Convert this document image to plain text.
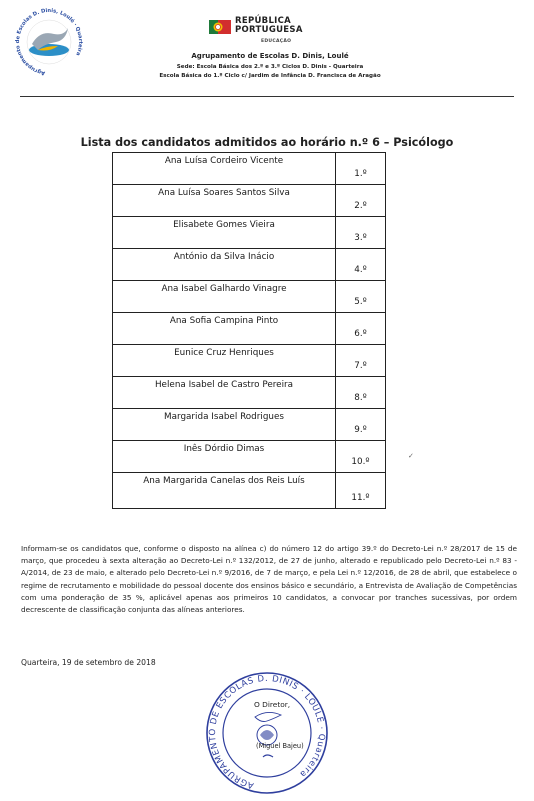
Agrupamento de Escolas D. Dinis, Loulé · Quarteira
REPÚBLICA
PORTUGUESA
EDUCAÇÃO
Agrupamento de Escolas D. Dinis, Loulé
Sede: Escola Básica dos 2.º e 3.º Ciclos D. Dinis - Quarteira
Escola Básica do 1.º Ciclo c/ Jardim de Infância D. Francisca de Aragão
Lista dos candidatos admitidos ao horário n.º 6 – Psicólogo
Ana Luísa Cordeiro Vicente	1.º
Ana Luísa Soares Santos Silva	2.º
Elisabete Gomes Vieira	3.º
António da Silva Inácio	4.º
Ana Isabel Galhardo Vinagre	5.º
Ana Sofia Campina Pinto	6.º
Eunice Cruz Henriques	7.º
Helena Isabel de Castro Pereira	8.º
Margarida Isabel Rodrigues	9.º
Inês Dórdio Dimas	10.º
Ana Margarida Canelas dos Reis Luís	11.º
✓
Informam-se os candidatos que, conforme o disposto na alínea c) do número 12 do artigo 39.º do Decreto-Lei n.º 28/2017 de 15 de março, que procedeu à sexta alteração ao Decreto-Lei n.º 132/2012, de 27 de junho, alterado e republicado pelo Decreto-Lei n.º 83 -A/2014, de 23 de maio, e alterado pelo Decreto-Lei n.º 9/2016, de 7 de março, e pela Lei n.º 12/2016, de 28 de abril, que estabelece o regime de recrutamento e mobilidade do pessoal docente dos ensinos básico e secundário, a Entrevista de Avaliação de Competências com uma ponderação de 35 %, aplicável apenas aos primeiros 10 candidatos, a convocar por tranches sucessivas, por ordem decrescente de classificação conjunta das alíneas anteriores.
Quarteira, 19 de setembro de 2018
AGRUPAMENTO DE ESCOLAS D. DINIS · LOULÉ · Quarteira
O Diretor,
(Miguel Bajeu)
